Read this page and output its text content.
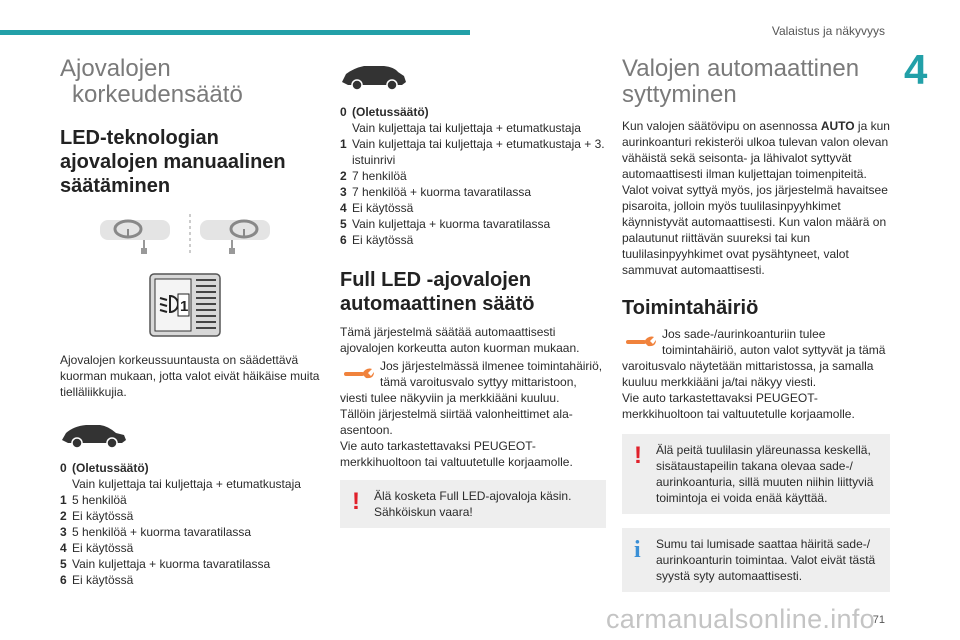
Valaistus ja näkyvyys
4
Ajovalojen
korkeudensäätö
LED-teknologian ajovalojen manuaalinen säätäminen
1

Ajovalojen korkeussuuntausta on säädettävä kuorman mukaan, jotta valot eivät häikäise muita tielläliikkujia.

0 (Oletussäätö)
Vain kuljettaja tai kuljettaja + etumatkustaja
1 5 henkilöä
2 Ei käytössä
3 5 henkilöä + kuorma tavaratilassa
4 Ei käytössä
5 Vain kuljettaja + kuorma tavaratilassa
6 Ei käytössä
0 (Oletussäätö)
Vain kuljettaja tai kuljettaja + etumatkustaja
1 Vain kuljettaja tai kuljettaja + etumatkustaja + 3. istuinrivi
2 7 henkilöä
3 7 henkilöä + kuorma tavaratilassa
4 Ei käytössä
5 Vain kuljettaja + kuorma tavaratilassa
6 Ei käytössä
Full LED -ajovalojen automaattinen säätö

Tämä järjestelmä säätää automaattisesti ajovalojen korkeutta auton kuorman mukaan.

Jos järjestelmässä ilmenee toimintahäiriö, tämä varoitusvalo syttyy mittaristoon, viesti tulee näkyviin ja merkkiääni kuuluu.

Tällöin järjestelmä siirtää valonheittimet ala-asentoon.

Vie auto tarkastettavaksi PEUGEOT-merkkihuoltoon tai valtuutetulle korjaamolle.

!	Älä kosketa Full LED-ajovaloja käsin. Sähköiskun vaara!

Valojen automaattinen
syttyminen

Kun valojen säätövipu on asennossa AUTO ja kun aurinkoanturi rekisteröi ulkoa tulevan valon olevan vähäistä sekä seisonta- ja lähivalot syttyvät automaattisesti ilman kuljettajan toimenpiteitä. Valot voivat syttyä myös, jos järjestelmä havaitsee pisaroita, jolloin myös tuulilasinpyyhkimet käynnistyvät automaattisesti. Kun valon määrä on palautunut riittävän suureksi tai kun tuulilasinpyyhkimet ovat pysähtyneet, valot sammuvat automaattisesti.

Toimintahäiriö

Jos sade-/aurinkoanturiin tulee toimintahäiriö, auton valot syttyvät ja tämä varoitusvalo näytetään mittaristossa, ja samalla kuuluu merkkiääni ja/tai näkyy viesti.

Vie auto tarkastettavaksi PEUGEOT-merkkihuoltoon tai valtuutetulle korjaamolle.

!	Älä peitä tuulilasin yläreunassa keskellä, sisätaustapeilin takana olevaa sade-/ aurinkoanturia, sillä muuten niihin liittyviä toimintoja ei voida enää käyttää.

i	Sumu tai lumisade saattaa häiritä sade-/ aurinkoanturin toimintaa. Valot eivät tästä syystä syty automaattisesti.

71
carmanualsonline.info
